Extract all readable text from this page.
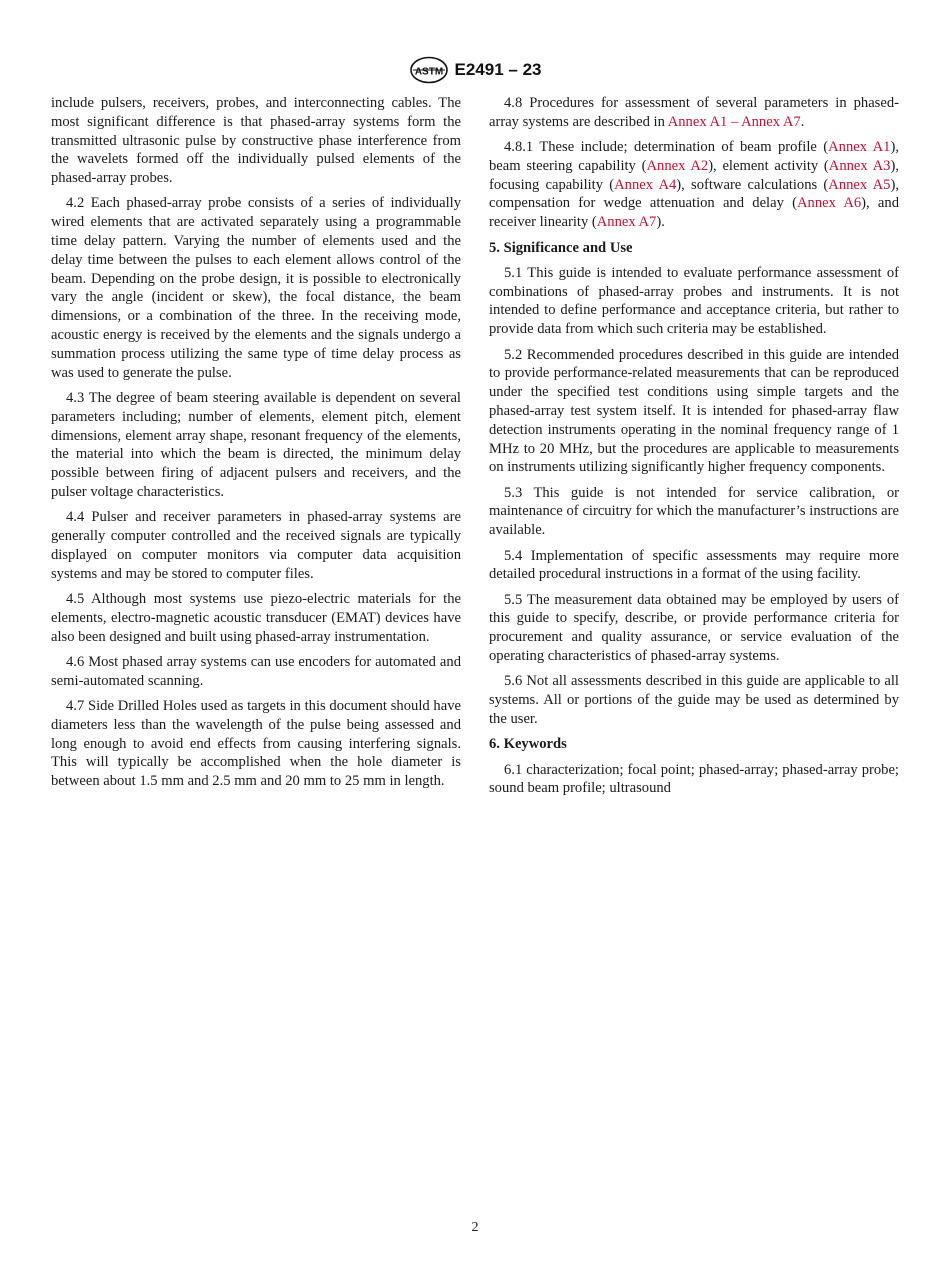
ASTM E2491 – 23

include pulsers, receivers, probes, and interconnecting cables. The most significant difference is that phased-array systems form the transmitted ultrasonic pulse by constructive phase interference from the wavelets formed off the individually pulsed elements of the phased-array probes.

4.2 Each phased-array probe consists of a series of individually wired elements that are activated separately using a programmable time delay pattern. Varying the number of elements used and the delay time between the pulses to each element allows control of the beam. Depending on the probe design, it is possible to electronically vary the angle (incident or skew), the focal distance, the beam dimensions, or a combination of the three. In the receiving mode, acoustic energy is received by the elements and the signals undergo a summation process utilizing the same type of time delay process as was used to generate the pulse.

4.3 The degree of beam steering available is dependent on several parameters including; number of elements, element pitch, element dimensions, element array shape, resonant frequency of the elements, the material into which the beam is directed, the minimum delay possible between firing of adjacent pulsers and receivers, and the pulser voltage characteristics.

4.4 Pulser and receiver parameters in phased-array systems are generally computer controlled and the received signals are typically displayed on computer monitors via computer data acquisition systems and may be stored to computer files.

4.5 Although most systems use piezo-electric materials for the elements, electro-magnetic acoustic transducer (EMAT) devices have also been designed and built using phased-array instrumentation.

4.6 Most phased array systems can use encoders for automated and semi-automated scanning.

4.7 Side Drilled Holes used as targets in this document should have diameters less than the wavelength of the pulse being assessed and long enough to avoid end effects from causing interfering signals. This will typically be accomplished when the hole diameter is between about 1.5 mm and 2.5 mm and 20 mm to 25 mm in length.

4.8 Procedures for assessment of several parameters in phased-array systems are described in Annex A1 – Annex A7.

4.8.1 These include; determination of beam profile (Annex A1), beam steering capability (Annex A2), element activity (Annex A3), focusing capability (Annex A4), software calculations (Annex A5), compensation for wedge attenuation and delay (Annex A6), and receiver linearity (Annex A7).

5. Significance and Use

5.1 This guide is intended to evaluate performance assessment of combinations of phased-array probes and instruments. It is not intended to define performance and acceptance criteria, but rather to provide data from which such criteria may be established.

5.2 Recommended procedures described in this guide are intended to provide performance-related measurements that can be reproduced under the specified test conditions using simple targets and the phased-array test system itself. It is intended for phased-array flaw detection instruments operating in the nominal frequency range of 1 MHz to 20 MHz, but the procedures are applicable to measurements on instruments utilizing significantly higher frequency components.

5.3 This guide is not intended for service calibration, or maintenance of circuitry for which the manufacturer’s instructions are available.

5.4 Implementation of specific assessments may require more detailed procedural instructions in a format of the using facility.

5.5 The measurement data obtained may be employed by users of this guide to specify, describe, or provide performance criteria for procurement and quality assurance, or service evaluation of the operating characteristics of phased-array systems.

5.6 Not all assessments described in this guide are applicable to all systems. All or portions of the guide may be used as determined by the user.

6. Keywords

6.1 characterization; focal point; phased-array; phased-array probe; sound beam profile; ultrasound

2
